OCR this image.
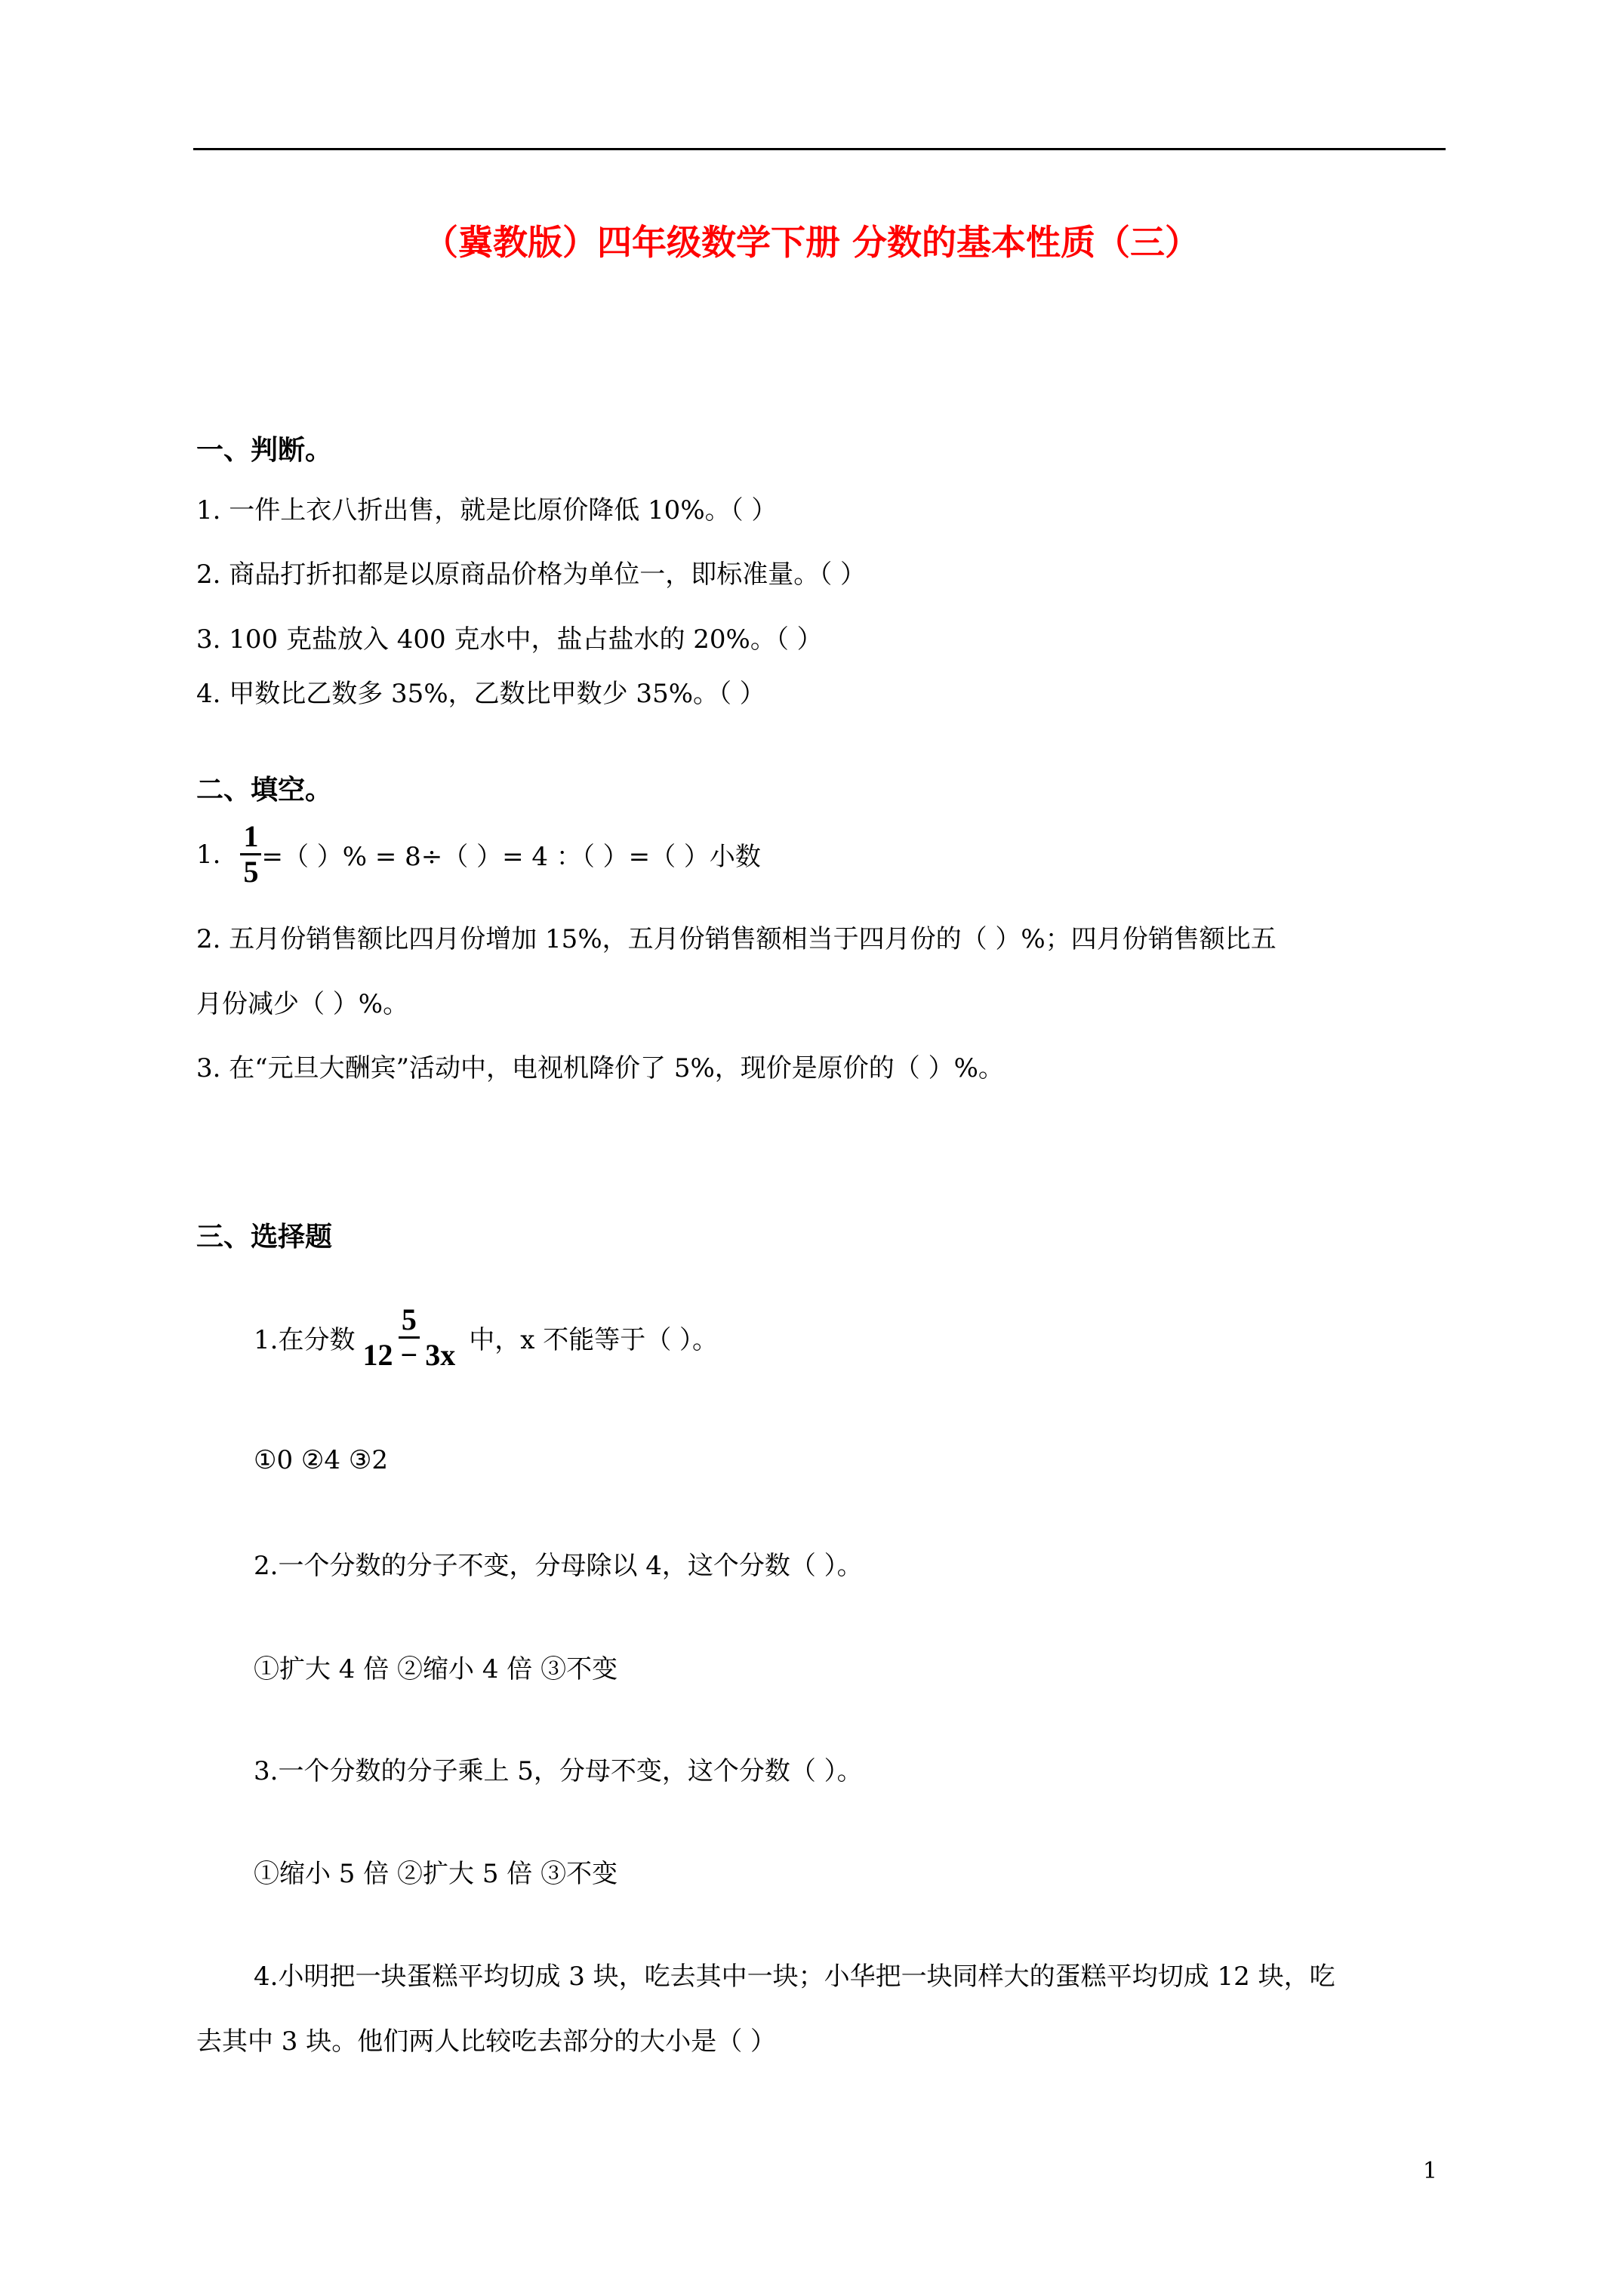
（冀教版）四年级数学下册 分数的基本性质（三）
一、判断。
1. 一件上衣八折出售，就是比原价降低 10%。（ ）
2. 商品打折扣都是以原商品价格为单位一，即标准量。（ ）
3. 100 克盐放入 400 克水中，盐占盐水的 20%。（ ）
4. 甲数比乙数多 35%，乙数比甲数少 35%。（ ）
二、填空。
1. $\frac{1}{5}$ =（ ）% = 8÷（ ）= 4 ：（ ）=（ ）小数
2. 五月份销售额比四月份增加 15%，五月份销售额相当于四月份的（ ）%；四月份销售额比五
月份减少（ ）%。
3. 在“元旦大酬宾”活动中，电视机降价了 5%，现价是原价的（ ）%。
三、选择题
1.在分数 $\frac{5}{12 - 3x}$ 中，x 不能等于（ ）。
①0 ②4 ③2
2.一个分数的分子不变，分母除以 4，这个分数（ ）。
①扩大 4 倍 ②缩小 4 倍 ③不变
3.一个分数的分子乘上 5，分母不变，这个分数（ ）。
①缩小 5 倍 ②扩大 5 倍 ③不变
4.小明把一块蛋糕平均切成 3 块，吃去其中一块；小华把一块同样大的蛋糕平均切成 12 块，吃
去其中 3 块。他们两人比较吃去部分的大小是（ ）
1
